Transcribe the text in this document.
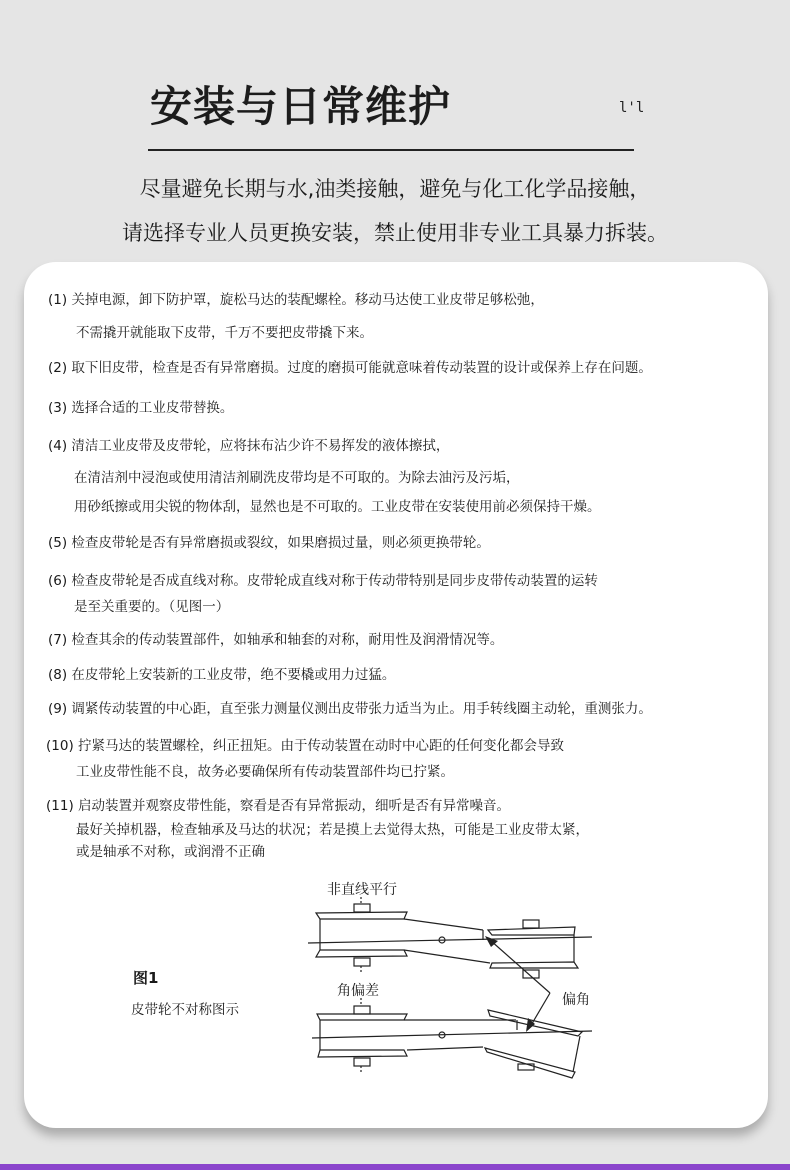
安装与日常维护	l'l
尽量避免长期与水,油类接触，避免与化工化学品接触，
请选择专业人员更换安装，禁止使用非专业工具暴力拆装。
(1) 关掉电源，卸下防护罩，旋松马达的装配螺栓。移动马达使工业皮带足够松弛，
不需撬开就能取下皮带，千万不要把皮带撬下来。
(2) 取下旧皮带，检查是否有异常磨损。过度的磨损可能就意味着传动装置的设计或保养上存在问题。
(3) 选择合适的工业皮带替换。
(4) 清洁工业皮带及皮带轮，应将抹布沾少许不易挥发的液体擦拭，
在清洁剂中浸泡或使用清洁剂刷洗皮带均是不可取的。为除去油污及污垢，
用砂纸擦或用尖锐的物体刮，显然也是不可取的。工业皮带在安装使用前必须保持干燥。
(5) 检查皮带轮是否有异常磨损或裂纹，如果磨损过量，则必须更换带轮。
(6) 检查皮带轮是否成直线对称。皮带轮成直线对称于传动带特别是同步皮带传动装置的运转
是至关重要的。（见图一）
(7) 检查其余的传动装置部件，如轴承和轴套的对称，耐用性及润滑情况等。
(8) 在皮带轮上安装新的工业皮带，绝不要橇或用力过猛。
(9) 调紧传动装置的中心距，直至张力测量仪测出皮带张力适当为止。用手转线圈主动轮，重测张力。
(10) 拧紧马达的装置螺栓，纠正扭矩。由于传动装置在动时中心距的任何变化都会导致
工业皮带性能不良，故务必要确保所有传动装置部件均已拧紧。
(11) 启动装置并观察皮带性能，察看是否有异常振动，细听是否有异常噪音。
最好关掉机器，检查轴承及马达的状况；若是摸上去觉得太热，可能是工业皮带太紧，
或是轴承不对称，或润滑不正确
非直线平行
角偏差
偏角
图1
皮带轮不对称图示
